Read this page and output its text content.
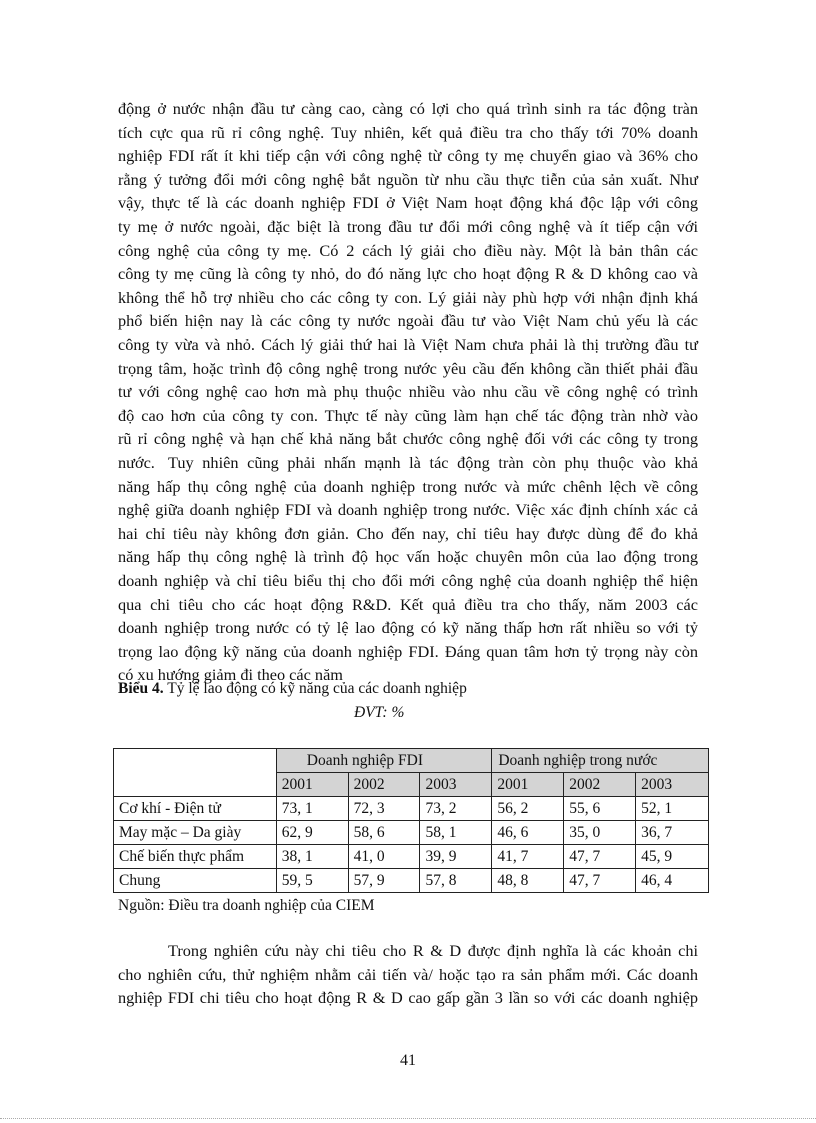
động ở nước nhận đầu tư càng cao, càng có lợi cho quá trình sinh ra tác động tràn
tích cực qua rũ rỉ công nghệ. Tuy nhiên, kết quả điều tra cho thấy tới 70% doanh
nghiệp FDI rất ít khi tiếp cận với công nghệ từ công ty mẹ chuyển giao và 36% cho
rằng ý tưởng đổi mới công nghệ bắt nguồn từ nhu cầu thực tiễn của sản xuất. Như
vậy, thực tế là các doanh nghiệp FDI ở Việt Nam hoạt động khá độc lập với công
ty mẹ ở nước ngoài, đặc biệt là trong đầu tư đổi mới công nghệ và ít tiếp cận với
công nghệ của công ty mẹ. Có 2 cách lý giải cho điều này. Một là bản thân các
công ty mẹ cũng là công ty nhỏ, do đó năng lực cho hoạt động R & D không cao và
không thể hỗ trợ nhiều cho các công ty con. Lý giải này phù hợp với nhận định khá
phổ biến hiện nay là các công ty nước ngoài đầu tư vào Việt Nam chủ yếu là các
công ty vừa và nhỏ. Cách lý giải thứ hai là Việt Nam chưa phải là thị trường đầu tư
trọng tâm, hoặc trình độ công nghệ trong nước yêu cầu đến không cần thiết phải đầu
tư với công nghệ cao hơn mà phụ thuộc nhiều vào nhu cầu về công nghệ có trình
độ cao hơn của công ty con. Thực tế này cũng làm hạn chế tác động tràn nhờ vào
rũ rỉ công nghệ và hạn chế khả năng bắt chước công nghệ đối với các công ty trong
nước. Tuy nhiên cũng phải nhấn mạnh là tác động tràn còn phụ thuộc vào khả
năng hấp thụ công nghệ của doanh nghiệp trong nước và mức chênh lệch về công
nghệ giữa doanh nghiệp FDI và doanh nghiệp trong nước. Việc xác định chính xác cả
hai chỉ tiêu này không đơn giản. Cho đến nay, chỉ tiêu hay được dùng để đo khả
năng hấp thụ công nghệ là trình độ học vấn hoặc chuyên môn của lao động trong
doanh nghiệp và chỉ tiêu biểu thị cho đổi mới công nghệ của doanh nghiệp thể hiện
qua chi tiêu cho các hoạt động R&D. Kết quả điều tra cho thấy, năm 2003 các
doanh nghiệp trong nước có tỷ lệ lao động có kỹ năng thấp hơn rất nhiều so với tỷ
trọng lao động kỹ năng của doanh nghiệp FDI. Đáng quan tâm hơn tỷ trọng này còn
có xu hướng giảm đi theo các năm
Biểu 4. Tỷ lệ lao động có kỹ năng của các doanh nghiệp
ĐVT: %
	Doanh nghiệp FDI			Doanh nghiệp trong nước		
	2001	2002	2003	2001	2002	2003
Cơ khí - Điện tử	73, 1	72, 3	73, 2	56, 2	55, 6	52, 1
May mặc – Da giày	62, 9	58, 6	58, 1	46, 6	35, 0	36, 7
Chế biến thực phẩm	38, 1	41, 0	39, 9	41, 7	47, 7	45, 9
Chung	59, 5	57, 9	57, 8	48, 8	47, 7	46, 4
Nguồn: Điều tra doanh nghiệp của CIEM
Trong nghiên cứu này chi tiêu cho R & D được định nghĩa là các khoản chi
cho nghiên cứu, thử nghiệm nhằm cải tiến và/ hoặc tạo ra sản phẩm mới. Các doanh
nghiệp FDI chi tiêu cho hoạt động R & D cao gấp gần 3 lần so với các doanh nghiệp
41
